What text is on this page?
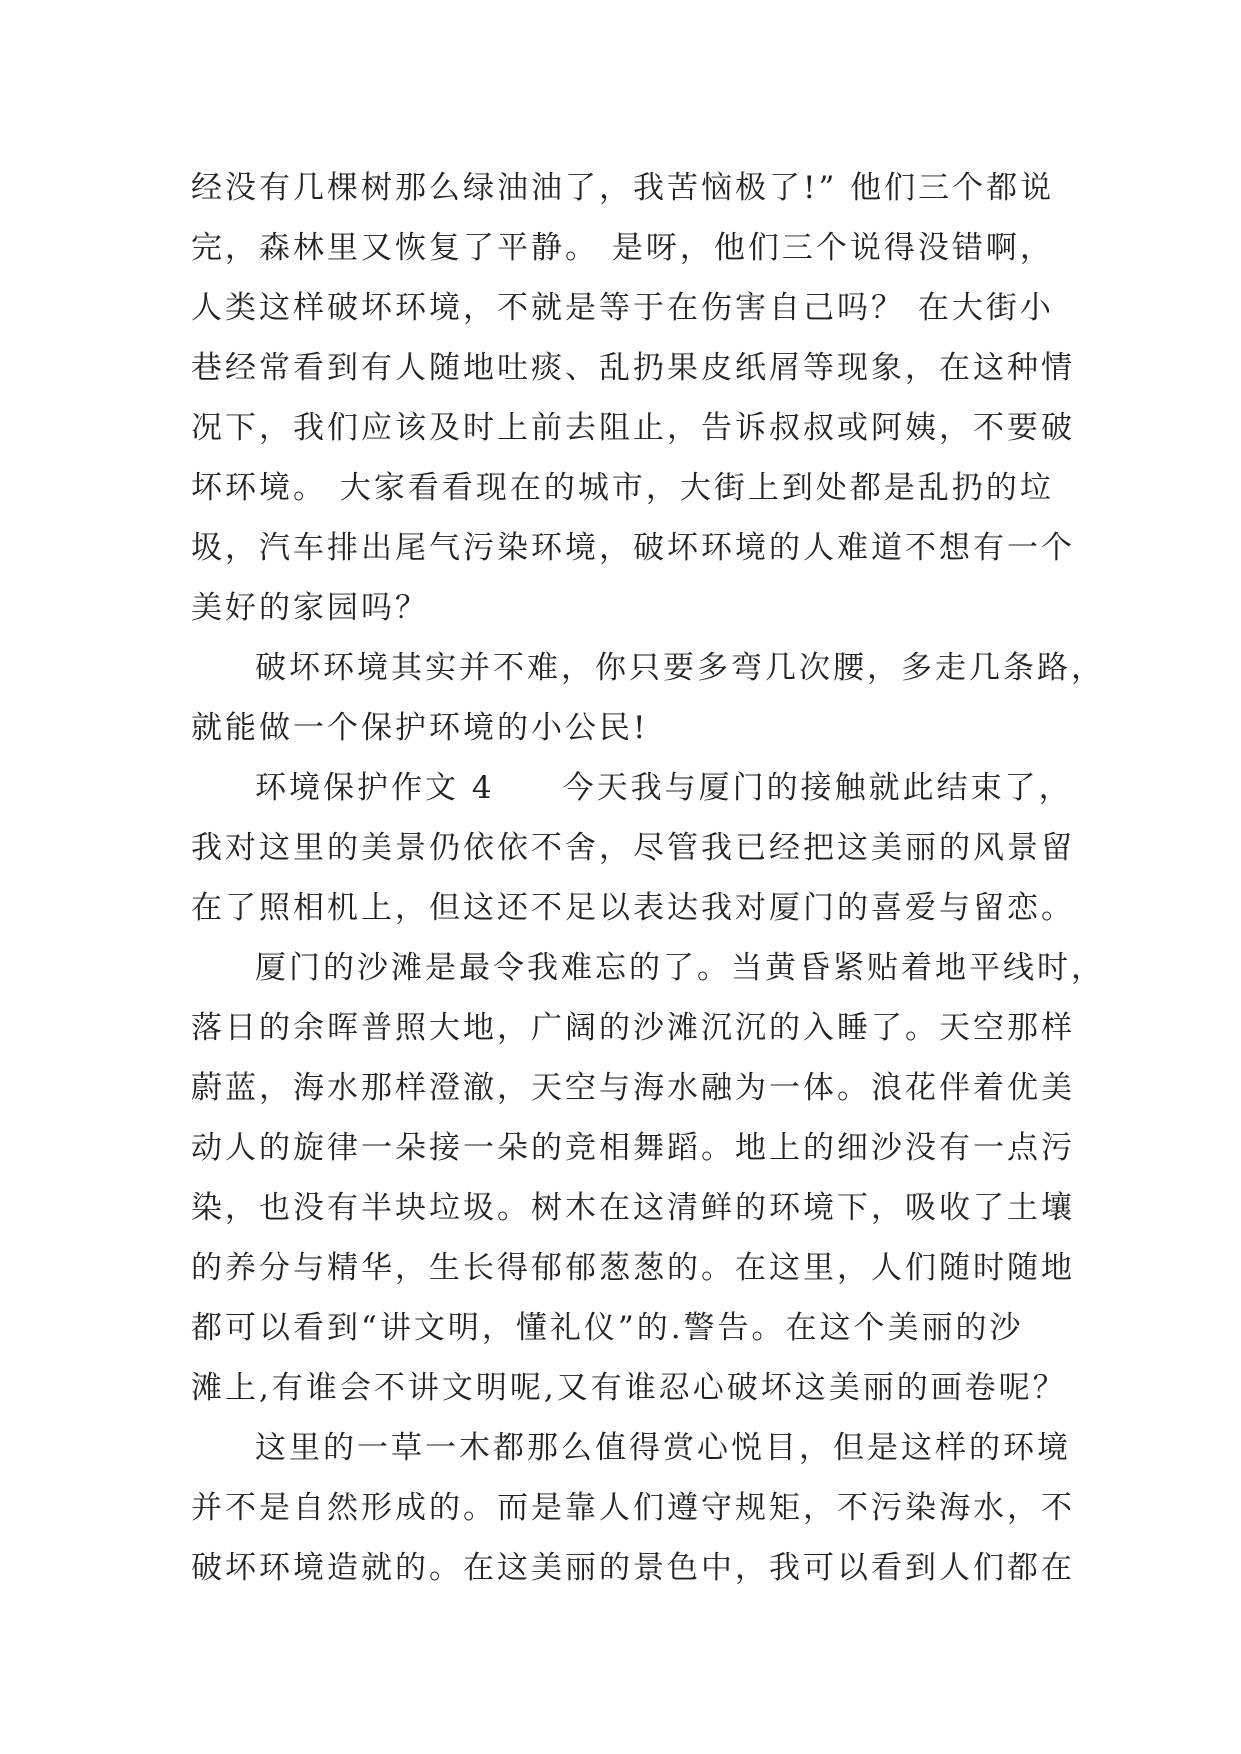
经没有几棵树那么绿油油了，我苦恼极了!” 他们三个都说
完，森林里又恢复了平静。 是呀，他们三个说得没错啊，
人类这样破坏环境，不就是等于在伤害自己吗？ 在大街小
巷经常看到有人随地吐痰、乱扔果皮纸屑等现象，在这种情
况下，我们应该及时上前去阻止，告诉叔叔或阿姨，不要破
坏环境。 大家看看现在的城市，大街上到处都是乱扔的垃
圾，汽车排出尾气污染环境，破坏环境的人难道不想有一个
美好的家园吗？
破坏环境其实并不难，你只要多弯几次腰，多走几条路，
就能做一个保护环境的小公民!
环境保护作文 4　　今天我与厦门的接触就此结束了，
我对这里的美景仍依依不舍，尽管我已经把这美丽的风景留
在了照相机上，但这还不足以表达我对厦门的喜爱与留恋。
厦门的沙滩是最令我难忘的了。当黄昏紧贴着地平线时，
落日的余晖普照大地，广阔的沙滩沉沉的入睡了。天空那样
蔚蓝，海水那样澄澈，天空与海水融为一体。浪花伴着优美
动人的旋律一朵接一朵的竞相舞蹈。地上的细沙没有一点污
染，也没有半块垃圾。树木在这清鲜的环境下，吸收了土壤
的养分与精华，生长得郁郁葱葱的。在这里，人们随时随地
都可以看到“讲文明，懂礼仪”的.警告。在这个美丽的沙
滩上,有谁会不讲文明呢,又有谁忍心破坏这美丽的画卷呢？
这里的一草一木都那么值得赏心悦目，但是这样的环境
并不是自然形成的。而是靠人们遵守规矩，不污染海水，不
破坏环境造就的。在这美丽的景色中，我可以看到人们都在
